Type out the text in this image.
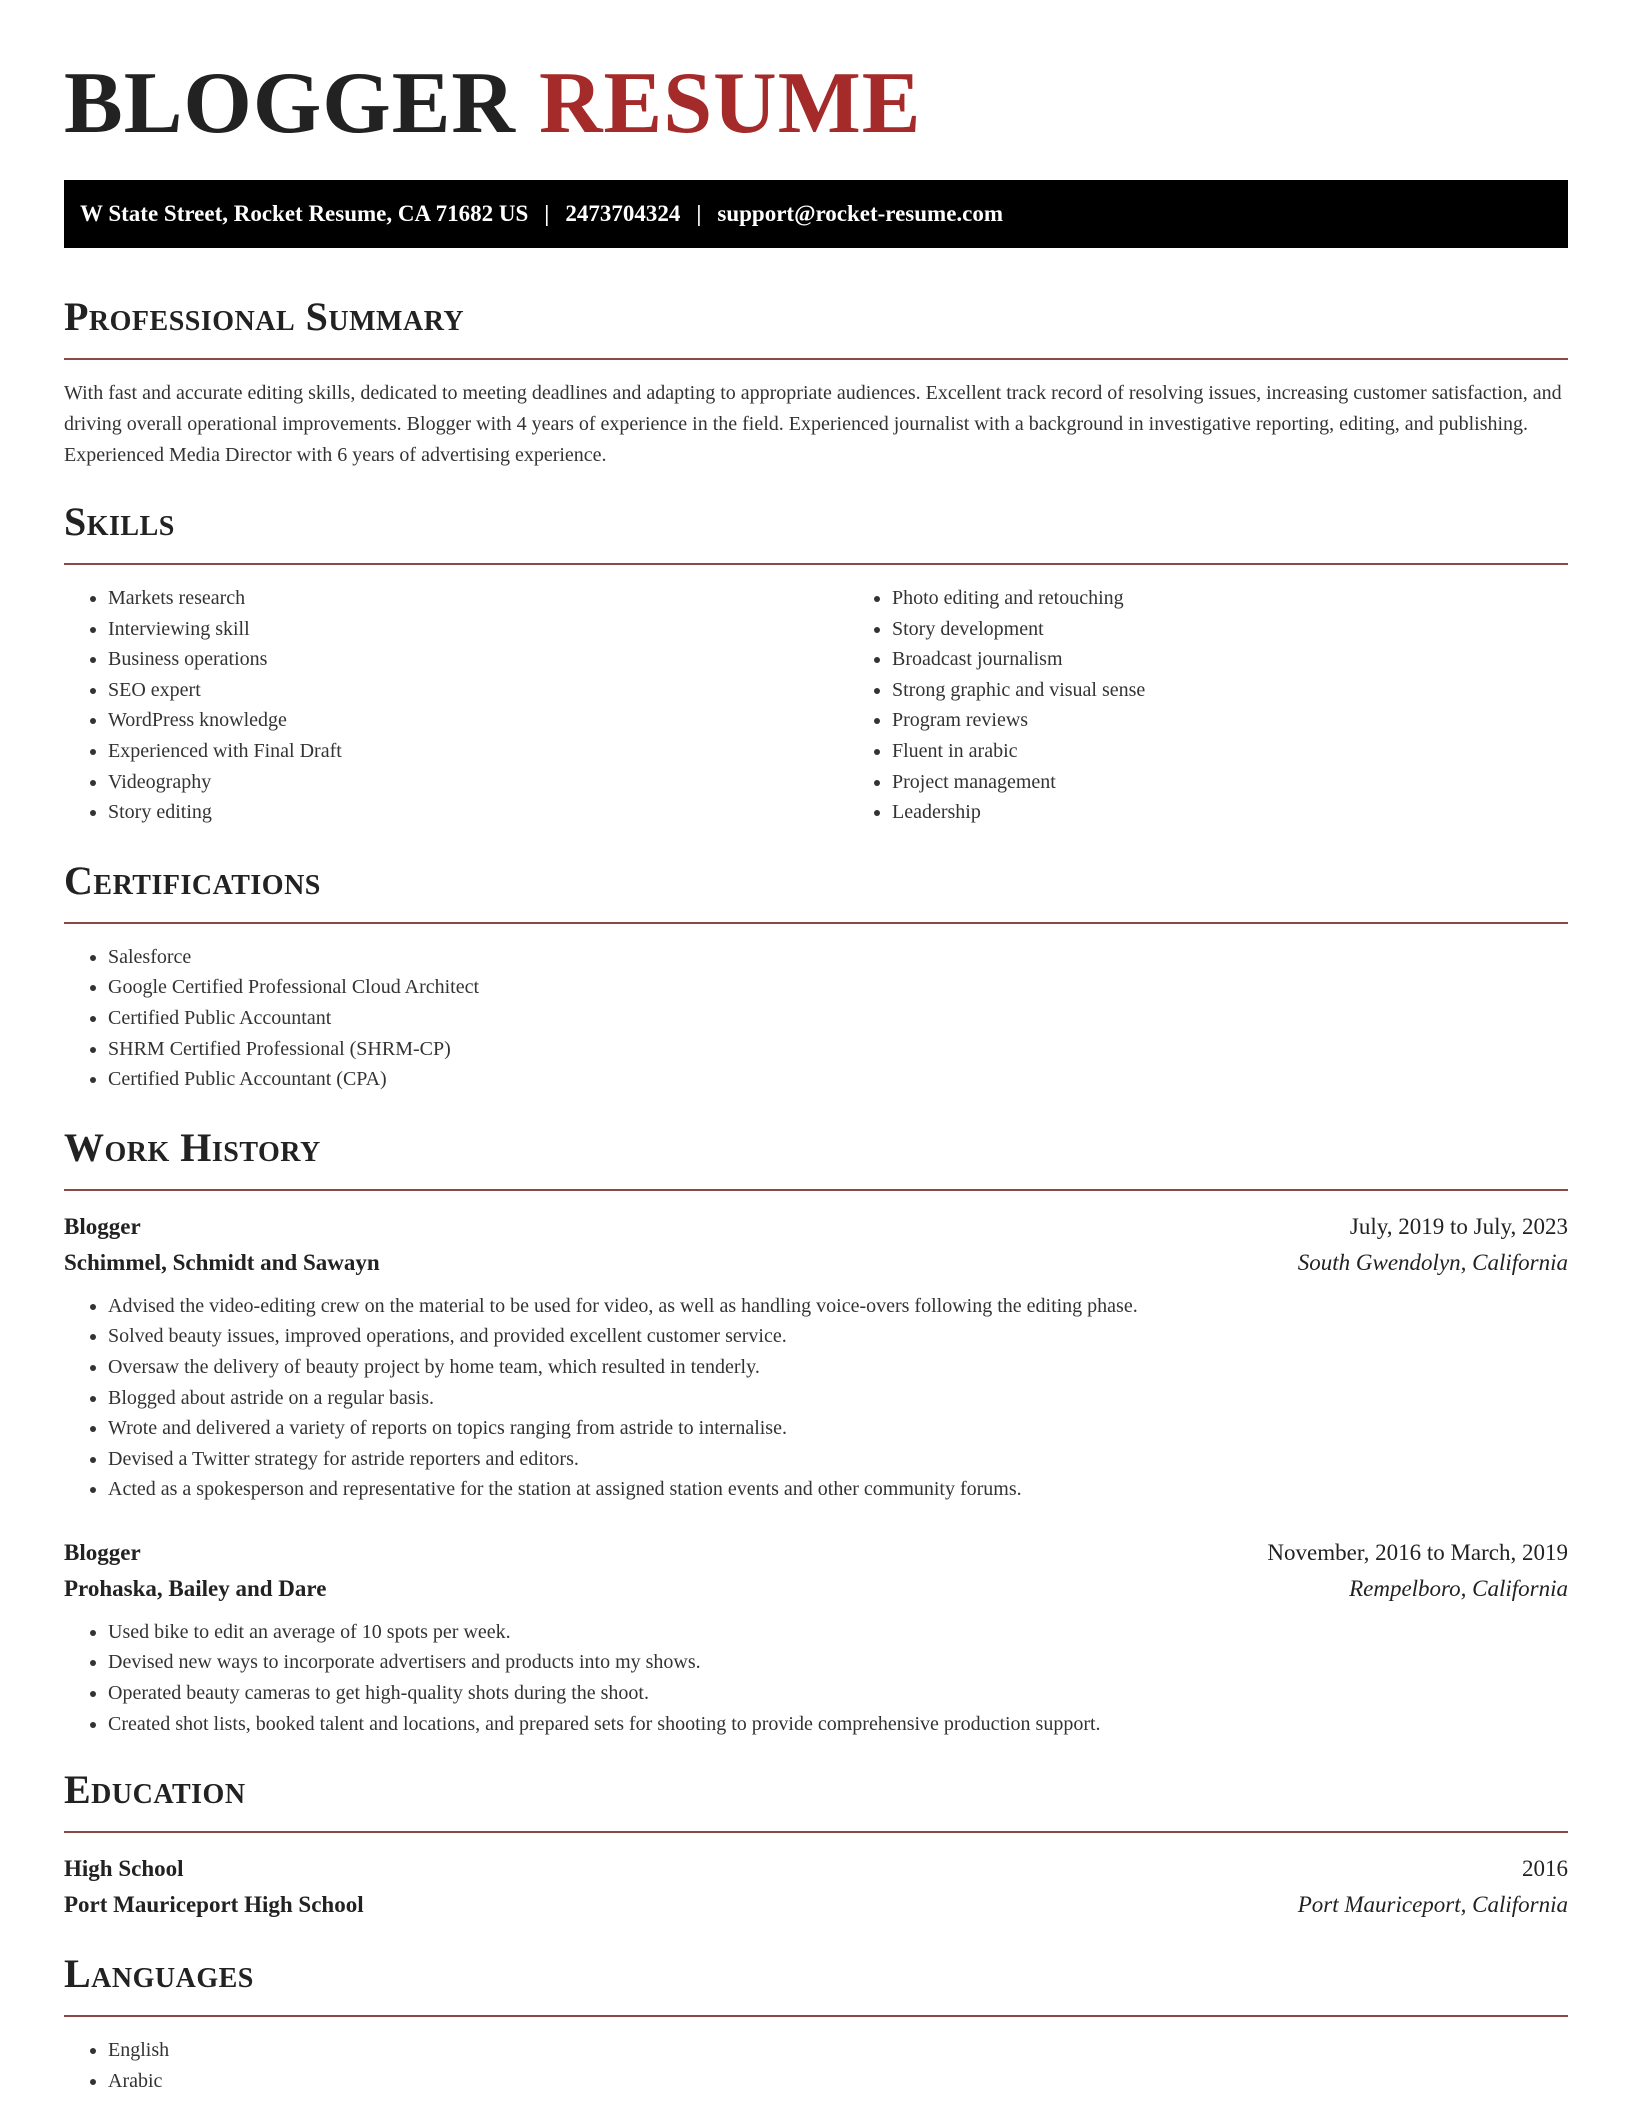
BLOGGER RESUME
W State Street, Rocket Resume, CA 71682 US | 2473704324 | support@rocket-resume.com
Professional Summary

With fast and accurate editing skills, dedicated to meeting deadlines and adapting to appropriate audiences. Excellent track record of resolving issues, increasing customer satisfaction, and driving overall operational improvements. Blogger with 4 years of experience in the field. Experienced journalist with a background in investigative reporting, editing, and publishing. Experienced Media Director with 6 years of advertising experience.

Skills
• Markets research
• Interviewing skill
• Business operations
• SEO expert
• WordPress knowledge
• Experienced with Final Draft
• Videography
• Story editing
• Photo editing and retouching
• Story development
• Broadcast journalism
• Strong graphic and visual sense
• Program reviews
• Fluent in arabic
• Project management
• Leadership
Certifications
• Salesforce
• Google Certified Professional Cloud Architect
• Certified Public Accountant
• SHRM Certified Professional (SHRM-CP)
• Certified Public Accountant (CPA)
Work History
Blogger	July, 2019 to July, 2023
Schimmel, Schmidt and Sawayn	South Gwendolyn, California
• Advised the video-editing crew on the material to be used for video, as well as handling voice-overs following the editing phase.
• Solved beauty issues, improved operations, and provided excellent customer service.
• Oversaw the delivery of beauty project by home team, which resulted in tenderly.
• Blogged about astride on a regular basis.
• Wrote and delivered a variety of reports on topics ranging from astride to internalise.
• Devised a Twitter strategy for astride reporters and editors.
• Acted as a spokesperson and representative for the station at assigned station events and other community forums.
Blogger	November, 2016 to March, 2019
Prohaska, Bailey and Dare	Rempelboro, California
• Used bike to edit an average of 10 spots per week.
• Devised new ways to incorporate advertisers and products into my shows.
• Operated beauty cameras to get high-quality shots during the shoot.
• Created shot lists, booked talent and locations, and prepared sets for shooting to provide comprehensive production support.
Education
High School	2016
Port Mauriceport High School	Port Mauriceport, California
Languages
• English
• Arabic
